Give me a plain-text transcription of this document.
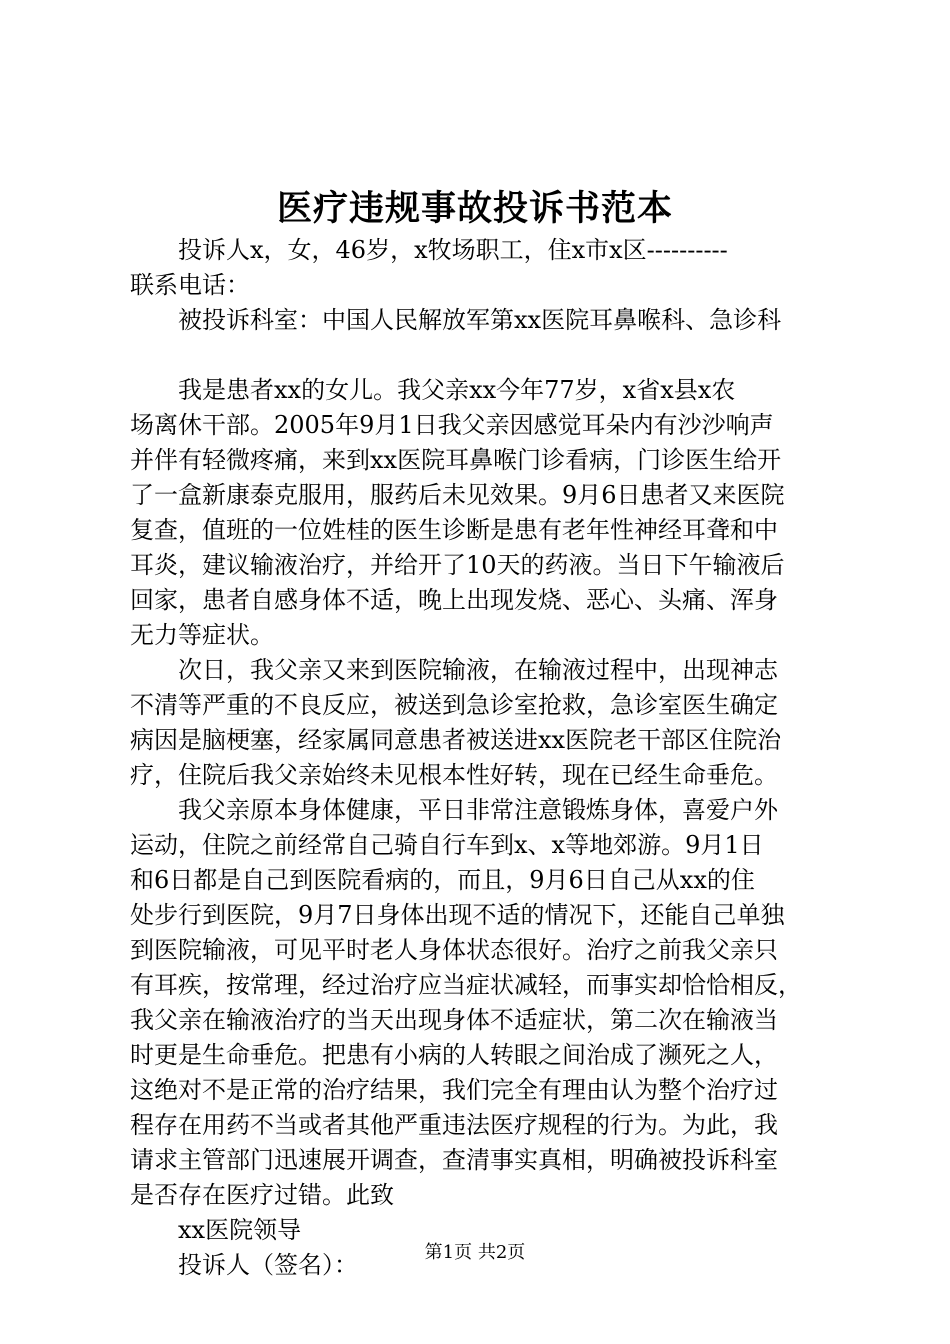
医疗违规事故投诉书范本
投诉人x，女，46岁，x牧场职工，住x市x区----------
联系电话：
被投诉科室：中国人民解放军第xx医院耳鼻喉科、急诊科
我是患者xx的女儿。我父亲xx今年77岁，x省x县x农
场离休干部。2005年9月1日我父亲因感觉耳朵内有沙沙响声
并伴有轻微疼痛，来到xx医院耳鼻喉门诊看病，门诊医生给开
了一盒新康泰克服用，服药后未见效果。9月6日患者又来医院
复查，值班的一位姓桂的医生诊断是患有老年性神经耳聋和中
耳炎，建议输液治疗，并给开了10天的药液。当日下午输液后
回家，患者自感身体不适，晚上出现发烧、恶心、头痛、浑身
无力等症状。
次日，我父亲又来到医院输液，在输液过程中，出现神志
不清等严重的不良反应，被送到急诊室抢救，急诊室医生确定
病因是脑梗塞，经家属同意患者被送进xx医院老干部区住院治
疗，住院后我父亲始终未见根本性好转，现在已经生命垂危。
我父亲原本身体健康，平日非常注意锻炼身体，喜爱户外
运动，住院之前经常自己骑自行车到x、x等地郊游。9月1日
和6日都是自己到医院看病的，而且，9月6日自己从xx的住
处步行到医院，9月7日身体出现不适的情况下，还能自己单独
到医院输液，可见平时老人身体状态很好。治疗之前我父亲只
有耳疾，按常理，经过治疗应当症状减轻，而事实却恰恰相反，
我父亲在输液治疗的当天出现身体不适症状，第二次在输液当
时更是生命垂危。把患有小病的人转眼之间治成了濒死之人，
这绝对不是正常的治疗结果，我们完全有理由认为整个治疗过
程存在用药不当或者其他严重违法医疗规程的行为。为此，我
请求主管部门迅速展开调查，查清事实真相，明确被投诉科室
是否存在医疗过错。此致
xx医院领导
投诉人（签名）：	第1页 共2页
